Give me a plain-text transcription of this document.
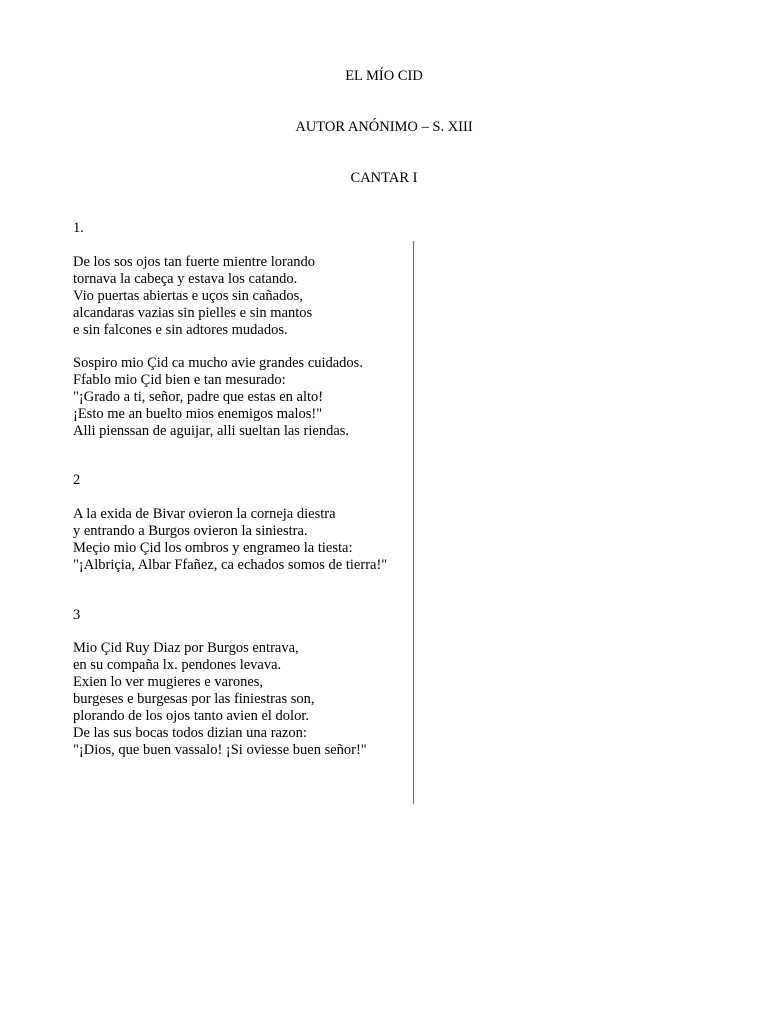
EL MÍO CID
AUTOR ANÓNIMO – S. XIII
CANTAR I
1.
De los sos ojos tan fuerte mientre lorando
tornava la cabeça y estava los catando.
Vio puertas abiertas e uços sin cañados,
alcandaras vazias sin pielles e sin mantos
e sin falcones e sin adtores mudados.
Sospiro mio Çid ca mucho avie grandes cuidados.
Ffablo mio Çid bien e tan mesurado:
"¡Grado a ti, señor, padre que estas en alto!
¡Esto me an buelto mios enemigos malos!"
Alli pienssan de aguijar, alli sueltan las riendas.
2
A la exida de Bivar ovieron la corneja diestra
y entrando a Burgos ovieron la siniestra.
Meçio mio Çid los ombros y engrameo la tiesta:
"¡Albriçia, Albar Ffañez, ca echados somos de tierra!"
3
Mio Çid Ruy Diaz por Burgos entrava,
en su compaña lx. pendones levava.
Exien lo ver mugieres e varones,
burgeses e burgesas por las finiestras son,
plorando de los ojos tanto avien el dolor.
De las sus bocas todos dizian una razon:
"¡Dios, que buen vassalo! ¡Si oviesse buen señor!"
